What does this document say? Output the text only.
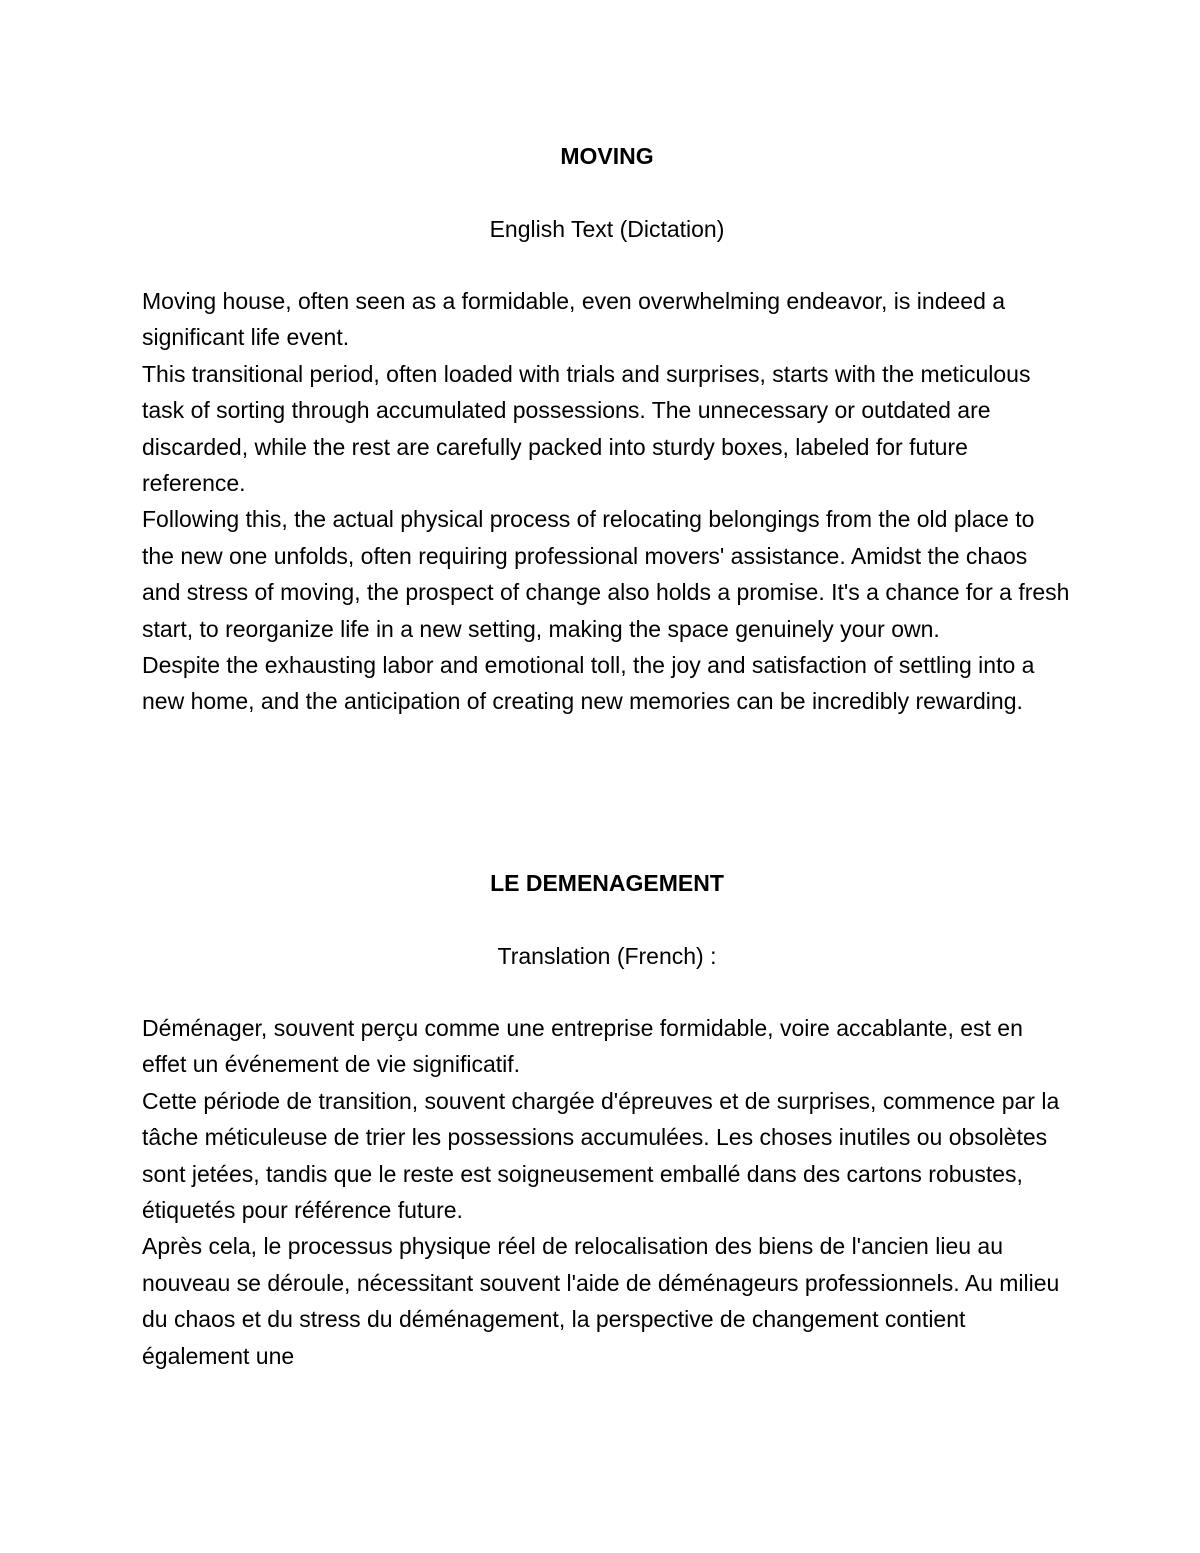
MOVING

English Text (Dictation)

Moving house, often seen as a formidable, even overwhelming endeavor, is indeed a significant life event.

This transitional period, often loaded with trials and surprises, starts with the meticulous task of sorting through accumulated possessions. The unnecessary or outdated are discarded, while the rest are carefully packed into sturdy boxes, labeled for future reference.

Following this, the actual physical process of relocating belongings from the old place to the new one unfolds, often requiring professional movers' assistance. Amidst the chaos and stress of moving, the prospect of change also holds a promise. It's a chance for a fresh start, to reorganize life in a new setting, making the space genuinely your own.

Despite the exhausting labor and emotional toll, the joy and satisfaction of settling into a new home, and the anticipation of creating new memories can be incredibly rewarding.

LE DEMENAGEMENT

Translation (French) :

Déménager, souvent perçu comme une entreprise formidable, voire accablante, est en effet un événement de vie significatif.

Cette période de transition, souvent chargée d'épreuves et de surprises, commence par la tâche méticuleuse de trier les possessions accumulées. Les choses inutiles ou obsolètes sont jetées, tandis que le reste est soigneusement emballé dans des cartons robustes, étiquetés pour référence future.

Après cela, le processus physique réel de relocalisation des biens de l'ancien lieu au nouveau se déroule, nécessitant souvent l'aide de déménageurs professionnels. Au milieu du chaos et du stress du déménagement, la perspective de changement contient également une
